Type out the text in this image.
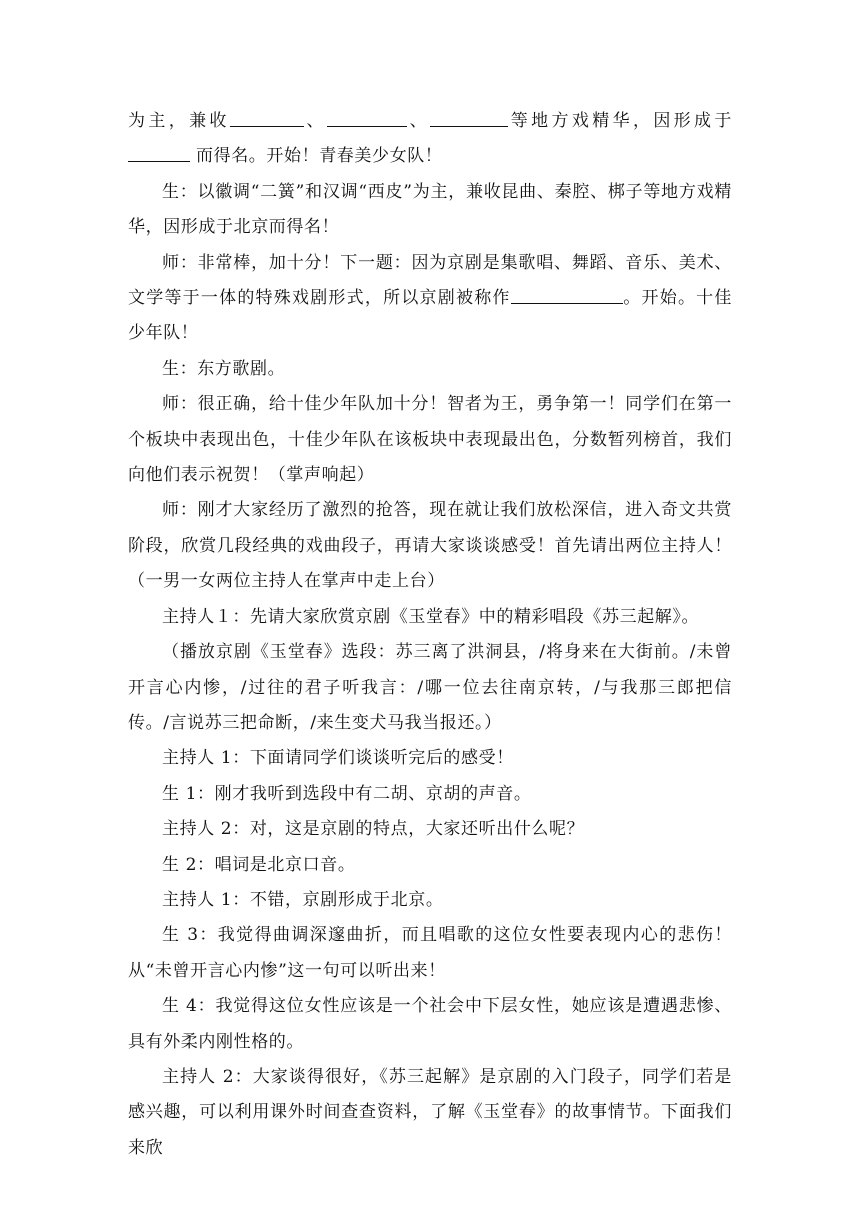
为主，兼收	、	、	等地方戏精华，因形成于 而得名。开始！青春美少女队！

生：以徽调“二簧”和汉调“西皮”为主，兼收昆曲、秦腔、梆子等地方戏精华，因形成于北京而得名！

师：非常棒，加十分！下一题：因为京剧是集歌唱、舞蹈、音乐、美术、文学等于一体的特殊戏剧形式，所以京剧被称作	。开始。十佳少年队！

生：东方歌剧。

师：很正确，给十佳少年队加十分！智者为王，勇争第一！同学们在第一个板块中表现出色，十佳少年队在该板块中表现最出色，分数暂列榜首，我们向他们表示祝贺！（掌声响起）

师：刚才大家经历了激烈的抢答，现在就让我们放松深信，进入奇文共赏阶段，欣赏几段经典的戏曲段子，再请大家谈谈感受！首先请出两位主持人！（一男一女两位主持人在掌声中走上台）

主持人１：先请大家欣赏京剧《玉堂春》中的精彩唱段《苏三起解》。

（播放京剧《玉堂春》选段：苏三离了洪洞县，/将身来在大街前。/未曾开言心内惨，/过往的君子听我言：/哪一位去往南京转，/与我那三郎把信传。/言说苏三把命断，/来生变犬马我当报还。）

主持人 1：下面请同学们谈谈听完后的感受！

生 1：刚才我听到选段中有二胡、京胡的声音。

主持人 2：对，这是京剧的特点，大家还听出什么呢？

生 2：唱词是北京口音。

主持人 1：不错，京剧形成于北京。

生 3：我觉得曲调深邃曲折，而且唱歌的这位女性要表现内心的悲伤！从“未曾开言心内惨”这一句可以听出来！

生 4：我觉得这位女性应该是一个社会中下层女性，她应该是遭遇悲惨、具有外柔内刚性格的。

主持人 2：大家谈得很好，《苏三起解》是京剧的入门段子，同学们若是感兴趣，可以利用课外时间查查资料，了解《玉堂春》的故事情节。下面我们来欣
